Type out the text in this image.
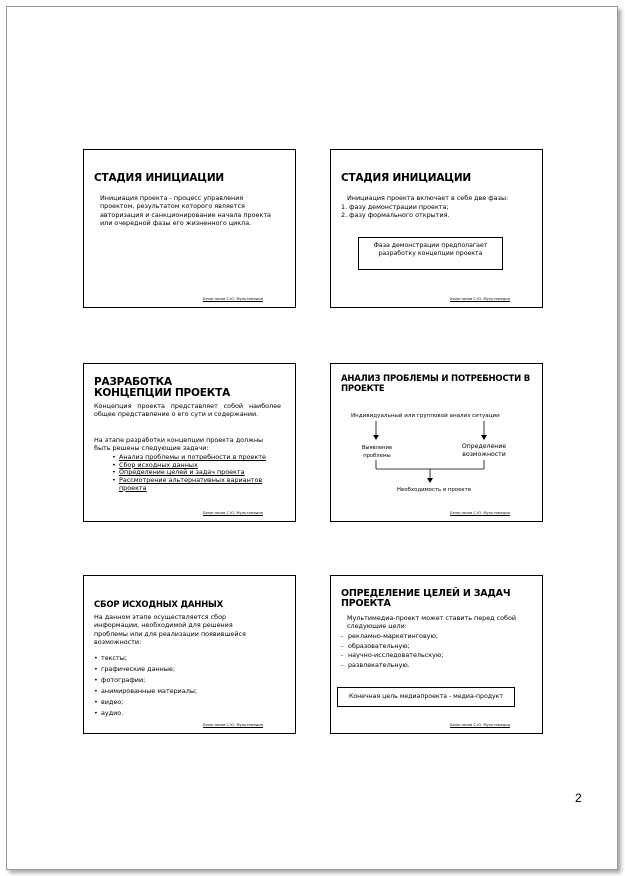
СТАДИЯ ИНИЦИАЦИИ
Инициация проекта - процесс управления проектом, результатом которого является авторизация и санкционирование начала проекта или очередной фазы его жизненного цикла.
Белоглазов С.Ю. Мультимедиа
СТАДИЯ ИНИЦИАЦИИ
Инициация проекта включает в себя две фазы:
1. фазу демонстрации проекта;
2. фазу формального открытия.
Фаза демонстрации предполагает разработку концепции проекта
Белоглазов С.Ю. Мультимедиа
РАЗРАБОТКА КОНЦЕПЦИИ ПРОЕКТА
Концепция проекта представляет собой наиболее общее представление о его сути и содержании.
На этапе разработки концепции проекта должны быть решены следующие задачи:
• Анализ проблемы и потребности в проекте
• Сбор исходных данных
• Определение целей и задач проекта
• Рассмотрение альтернативных вариантов проекта
Белоглазов С.Ю. Мультимедиа
АНАЛИЗ ПРОБЛЕМЫ И ПОТРЕБНОСТИ В ПРОЕКТЕ
Индивидуальный или групповой анализ ситуации
Выявление проблемы
Определение возможности
Необходимость в проекте
Белоглазов С.Ю. Мультимедиа
СБОР ИСХОДНЫХ ДАННЫХ
На данном этапе осуществляется сбор информации, необходимой для решения проблемы или для реализации появившейся возможности:
• тексты;
• графические данные;
• фотографии;
• анимированные материалы;
• видео;
• аудио.
Белоглазов С.Ю. Мультимедиа
ОПРЕДЕЛЕНИЕ ЦЕЛЕЙ И ЗАДАЧ ПРОЕКТА
Мультимедиа-проект может ставить перед собой следующие цели:
- рекламно-маркетинговую;
- образовательную;
- научно-исследовательскую;
- развлекательную.
Конечная цель медиапроекта - медиа-продукт
Белоглазов С.Ю. Мультимедиа
2
